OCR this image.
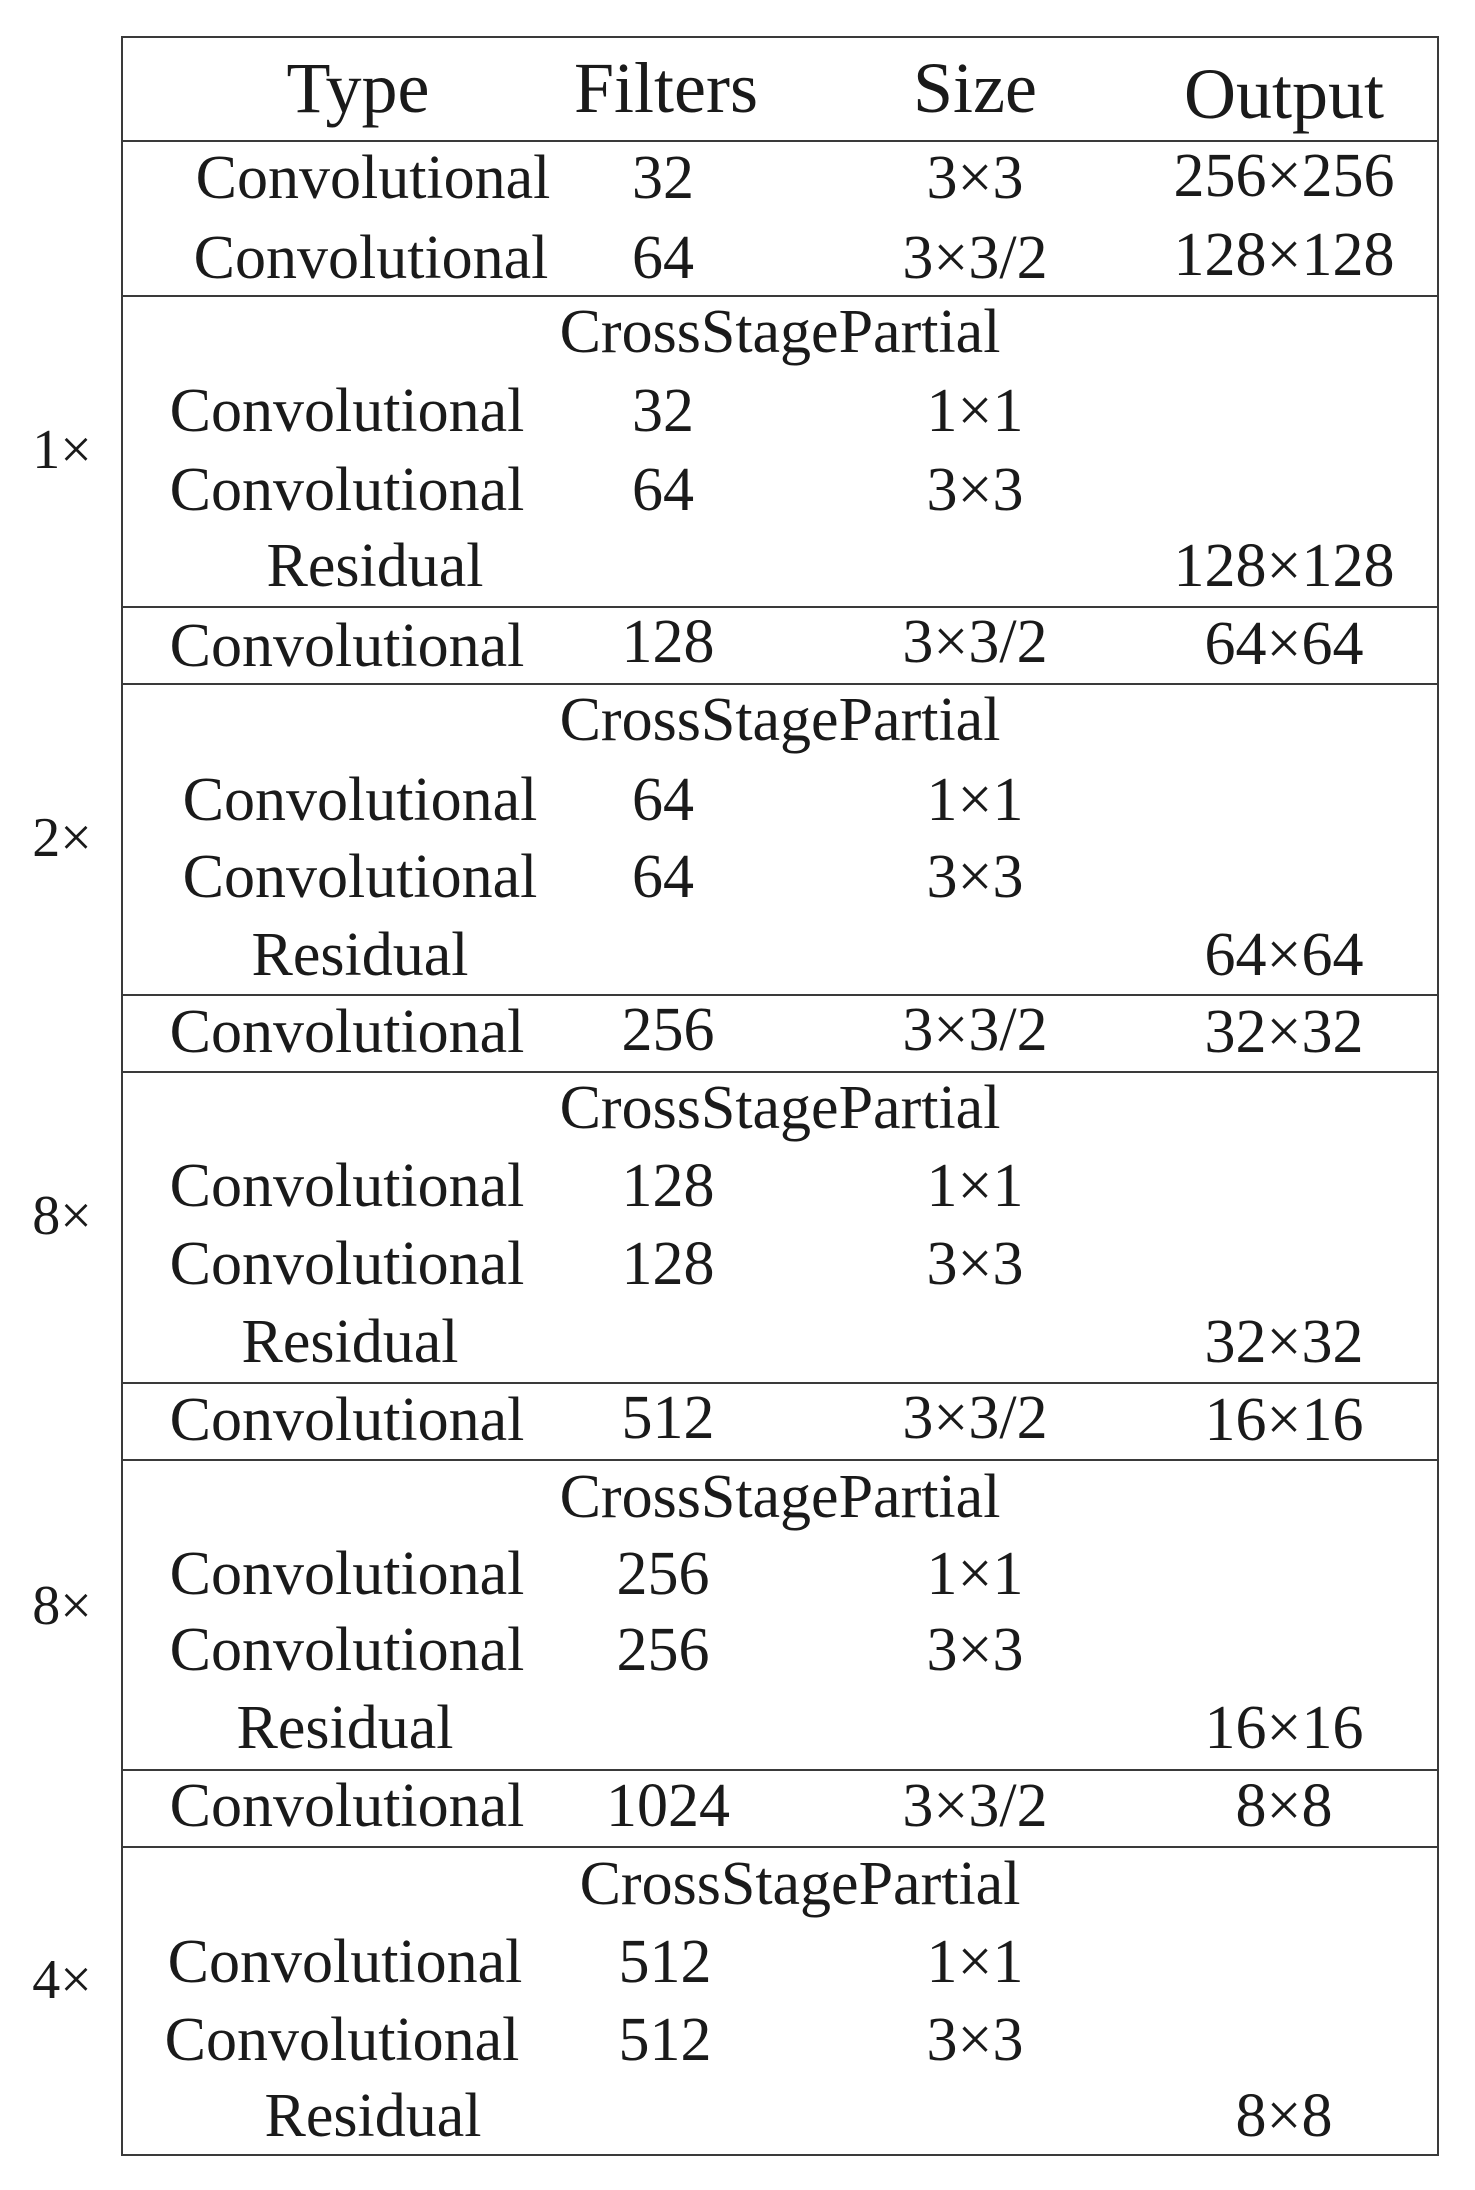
Type Filters Size Output
Convolutional 32	3×3 256×256
Convolutional 64	3×3/2 128×128
1×
CrossStagePartial
Convolutional 32	1×1
Convolutional 64	3×3
Residual	128×128
Convolutional 128	3×3/2	64×64
2×
CrossStagePartial
Convolutional 64	1×1
Convolutional 64	3×3
Residual	64×64
Convolutional 256	3×3/2	32×32
8×
CrossStagePartial
Convolutional 128	1×1
Convolutional 128	3×3
Residual	32×32
Convolutional 512	3×3/2	16×16
8×
CrossStagePartial
Convolutional 256	1×1
Convolutional 256	3×3
Residual	16×16
Convolutional 1024	3×3/2	8×8
4×
CrossStagePartial
Convolutional 512	1×1
Convolutional 512	3×3
Residual	8×8
